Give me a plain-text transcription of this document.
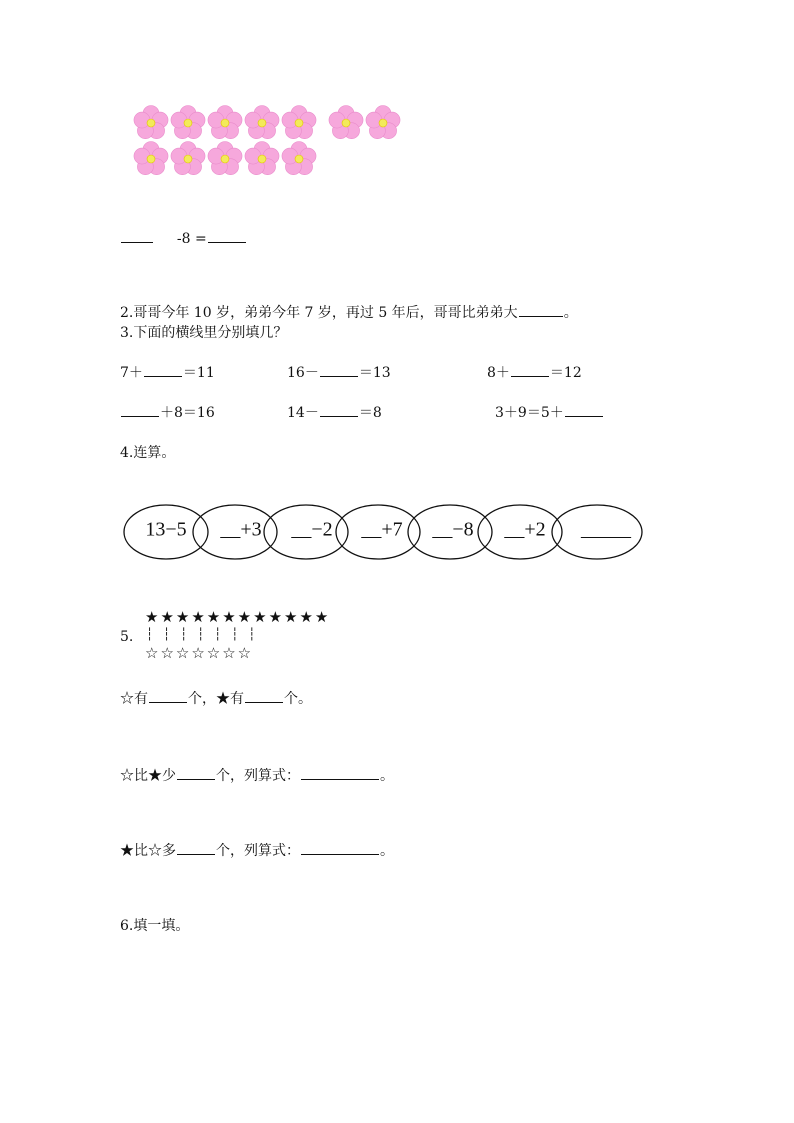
-8 =
2.哥哥今年 10 岁，弟弟今年 7 岁，再过 5 年后，哥哥比弟弟大	。
3.下面的横线里分别填几？
7＋	＝11	16－	＝13	8＋	＝12
＋8＝16	14－	＝8	3＋9＝5＋
4.连算。
13−5 __+3 __−2 __+7 __−8 __+2 _____
★★★★★★★★★★★★
5. ┆ ┆ ┆ ┆ ┆ ┆ ┆
☆☆☆☆☆☆☆
☆有	个，★有	个。
☆比★少	个，列算式：	。
★比☆多	个，列算式：	。
6.填一填。
